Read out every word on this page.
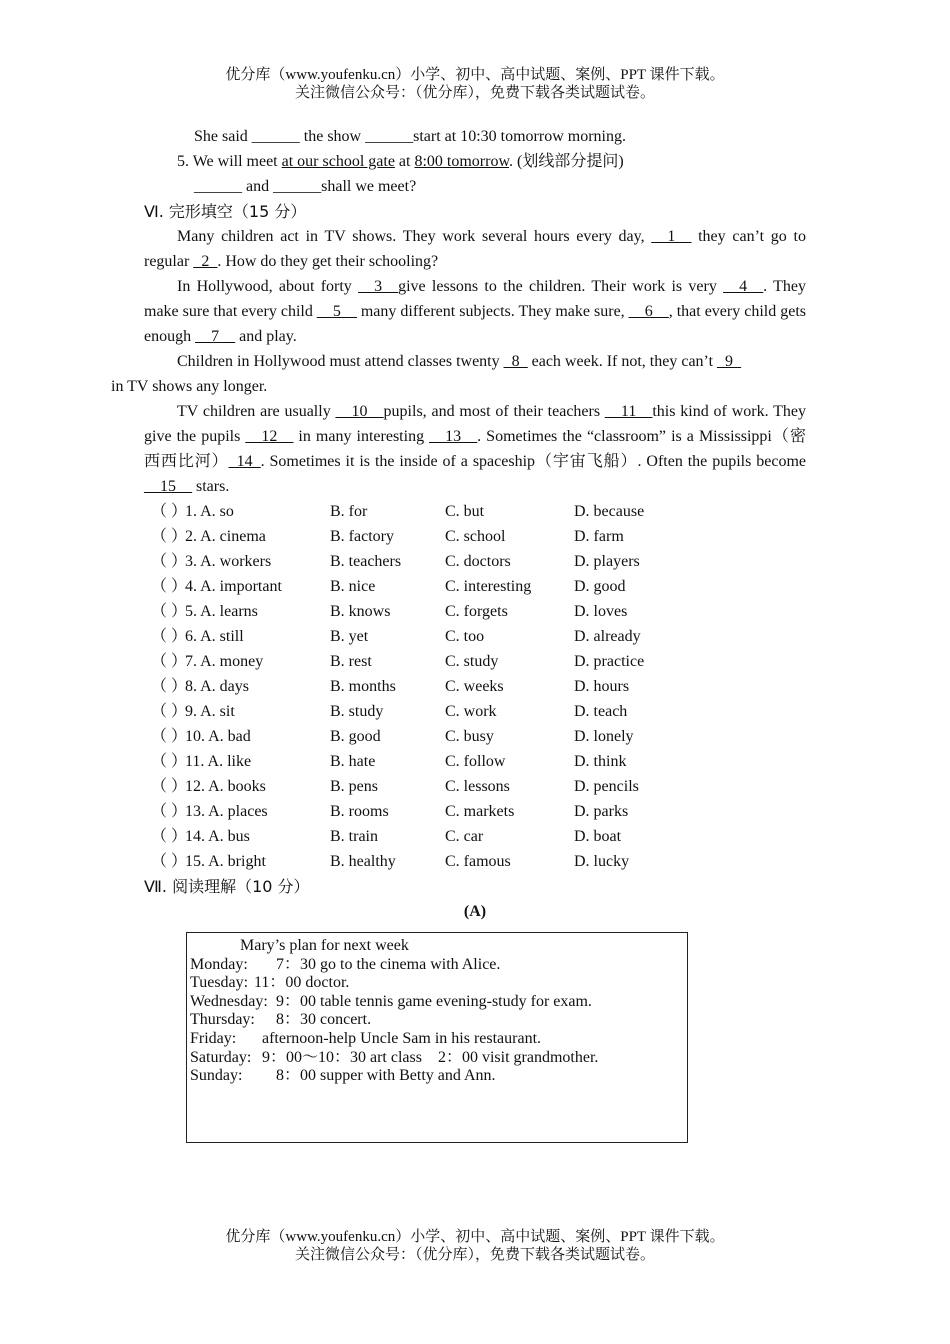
优分库（www.youfenku.cn）小学、初中、高中试题、案例、PPT 课件下载。
关注微信公众号：（优分库），免费下载各类试题试卷。
She said ______ the show ______start at 10:30 tomorrow morning.
5. We will meet at our school gate at 8:00 tomorrow. (划线部分提问)
______ and ______shall we meet?
Ⅵ. 完形填空（15 分）
Many children act in TV shows. They work several hours every day, __1__ they can’t go to regular _2_. How do they get their schooling?
In Hollywood, about forty __3__give lessons to the children. Their work is very __4__. They make sure that every child __5__ many different subjects. They make sure, __6__, that every child gets enough __7__ and play.
Children in Hollywood must attend classes twenty _8_ each week. If not, they can’t _9_
in TV shows any longer.
TV children are usually __10__pupils, and most of their teachers __11__this kind of work. They give the pupils __12__ in many interesting __13__. Sometimes the “classroom” is a Mississippi（密西西比河）_14_. Sometimes it is the inside of a spaceship（宇宙飞船）. Often the pupils become __15__ stars.
（ ）
1. A. so	B. for	C. but	D. because
（ ）
2. A. cinema	B. factory	C. school	D. farm
（ ）
3. A. workers	B. teachers	C. doctors	D. players
（ ）
4. A. important	B. nice	C. interesting	D. good
（ ）
5. A. learns	B. knows	C. forgets	D. loves
（ ）
6. A. still	B. yet	C. too	D. already
（ ）
7. A. money	B. rest	C. study	D. practice
（ ）
8. A. days	B. months	C. weeks	D. hours
（ ）
9. A. sit	B. study	C. work	D. teach
（ ）
10. A. bad	B. good	C. busy	D. lonely
（ ）
11. A. like	B. hate	C. follow	D. think
（ ）
12. A. books	B. pens	C. lessons	D. pencils
（ ）
13. A. places	B. rooms	C. markets	D. parks
（ ）
14. A. bus	B. train	C. car	D. boat
（ ）
15. A. bright	B. healthy	C. famous	D. lucky
Ⅶ. 阅读理解（10 分）
(A)
Mary’s plan for next week
Monday: 7：30 go to the cinema with Alice.
Tuesday: 11：00 doctor.
Wednesday: 9：00 table tennis game evening-study for exam.
Thursday: 8：30 concert.
Friday: afternoon-help Uncle Sam in his restaurant.
Saturday: 9：00～10：30 art class　2：00 visit grandmother.
Sunday: 8：00 supper with Betty and Ann.
优分库（www.youfenku.cn）小学、初中、高中试题、案例、PPT 课件下载。
关注微信公众号：（优分库），免费下载各类试题试卷。
